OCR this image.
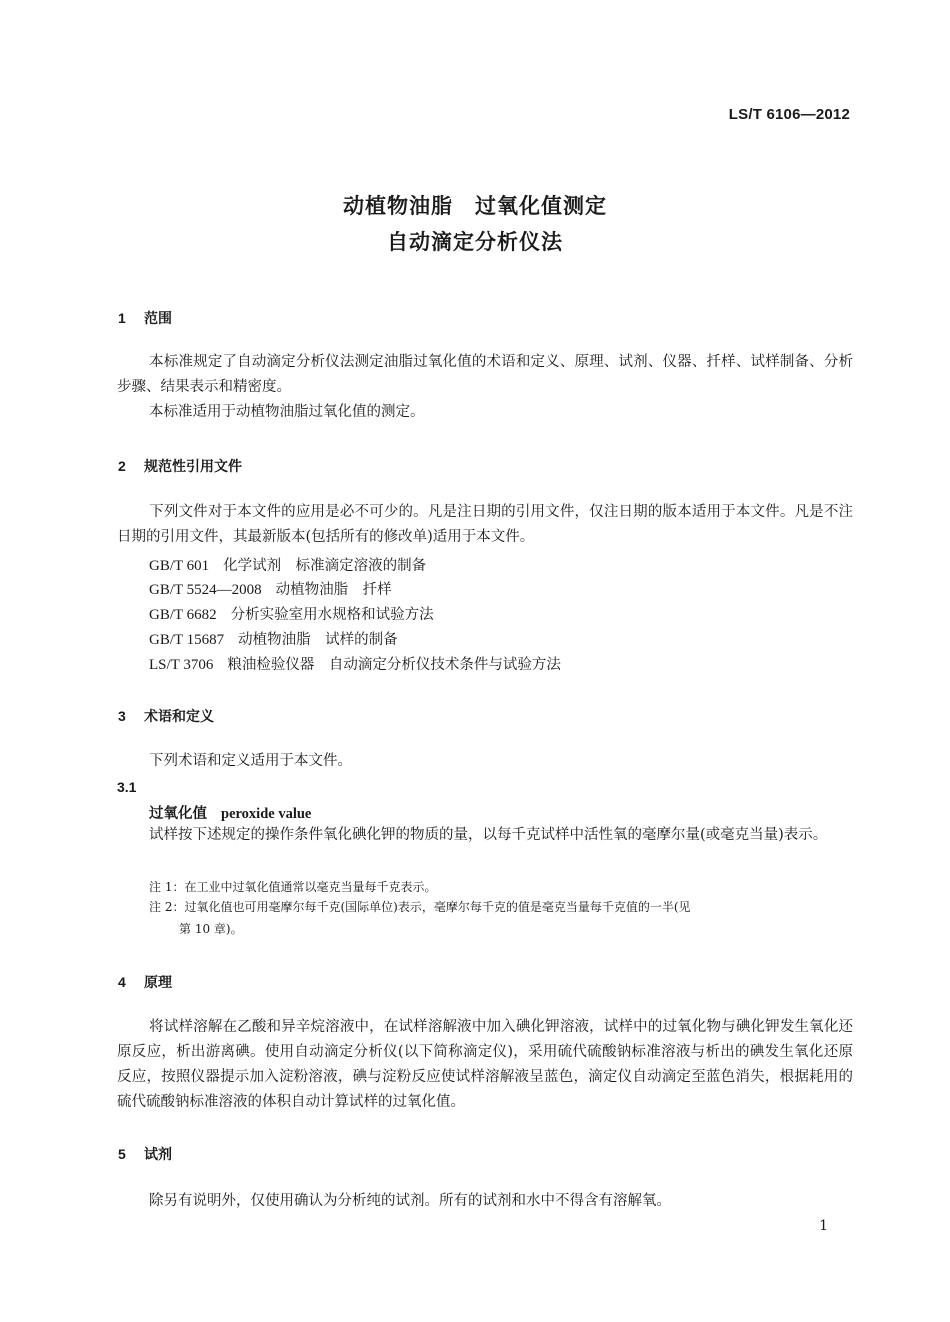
LS/T 6106—2012
动植物油脂　过氧化值测定
自动滴定分析仪法
1 范围
本标准规定了自动滴定分析仪法测定油脂过氧化值的术语和定义、原理、试剂、仪器、扦样、试样制备、分析步骤、结果表示和精密度。
本标准适用于动植物油脂过氧化值的测定。
2 规范性引用文件
下列文件对于本文件的应用是必不可少的。凡是注日期的引用文件，仅注日期的版本适用于本文件。凡是不注日期的引用文件，其最新版本(包括所有的修改单)适用于本文件。
GB/T 601 化学试剂　标准滴定溶液的制备
GB/T 5524—2008 动植物油脂　扦样
GB/T 6682 分析实验室用水规格和试验方法
GB/T 15687 动植物油脂　试样的制备
LS/T 3706 粮油检验仪器　自动滴定分析仪技术条件与试验方法
3 术语和定义
下列术语和定义适用于本文件。
3.1
过氧化值 peroxide value
试样按下述规定的操作条件氧化碘化钾的物质的量，以每千克试样中活性氧的毫摩尔量(或毫克当量)表示。
注 1：在工业中过氧化值通常以毫克当量每千克表示。
注 2：过氧化值也可用毫摩尔每千克(国际单位)表示，毫摩尔每千克的值是毫克当量每千克值的一半(见
第 10 章)。
4 原理
将试样溶解在乙酸和异辛烷溶液中，在试样溶解液中加入碘化钾溶液，试样中的过氧化物与碘化钾发生氧化还原反应，析出游离碘。使用自动滴定分析仪(以下简称滴定仪)，采用硫代硫酸钠标准溶液与析出的碘发生氧化还原反应，按照仪器提示加入淀粉溶液，碘与淀粉反应使试样溶解液呈蓝色，滴定仪自动滴定至蓝色消失，根据耗用的硫代硫酸钠标准溶液的体积自动计算试样的过氧化值。
5 试剂
除另有说明外，仅使用确认为分析纯的试剂。所有的试剂和水中不得含有溶解氧。
1
